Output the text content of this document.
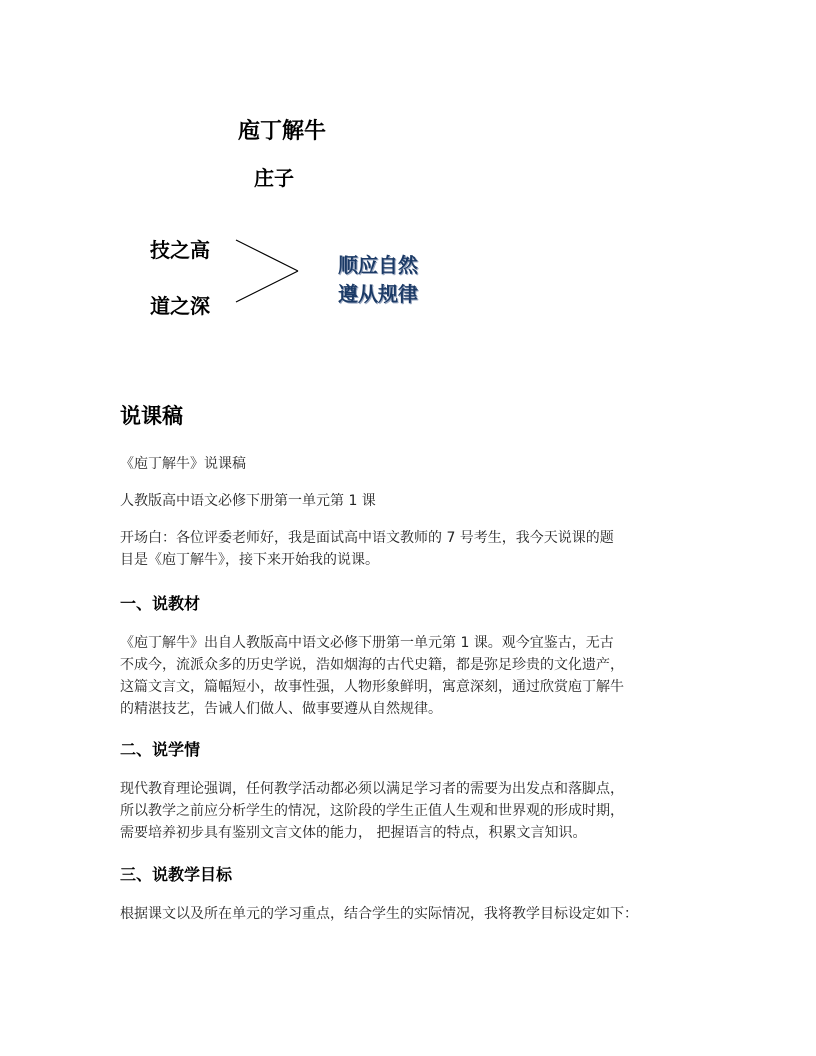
庖丁解牛
庄子
技之高
道之深
顺应自然
遵从规律
说课稿
《庖丁解牛》说课稿
人教版高中语文必修下册第一单元第 1 课
开场白：各位评委老师好，我是面试高中语文教师的 7 号考生，我今天说课的题
目是《庖丁解牛》，接下来开始我的说课。
一、说教材
《庖丁解牛》出自人教版高中语文必修下册第一单元第 1 课。观今宜鉴古，无古
不成今，流派众多的历史学说，浩如烟海的古代史籍，都是弥足珍贵的文化遗产，
这篇文言文，篇幅短小，故事性强，人物形象鲜明，寓意深刻，通过欣赏庖丁解牛
的精湛技艺，告诫人们做人、做事要遵从自然规律。
二、说学情
现代教育理论强调，任何教学活动都必须以满足学习者的需要为出发点和落脚点，
所以教学之前应分析学生的情况，这阶段的学生正值人生观和世界观的形成时期，
需要培养初步具有鉴别文言文体的能力， 把握语言的特点，积累文言知识。
三、说教学目标
根据课文以及所在单元的学习重点，结合学生的实际情况，我将教学目标设定如下：
